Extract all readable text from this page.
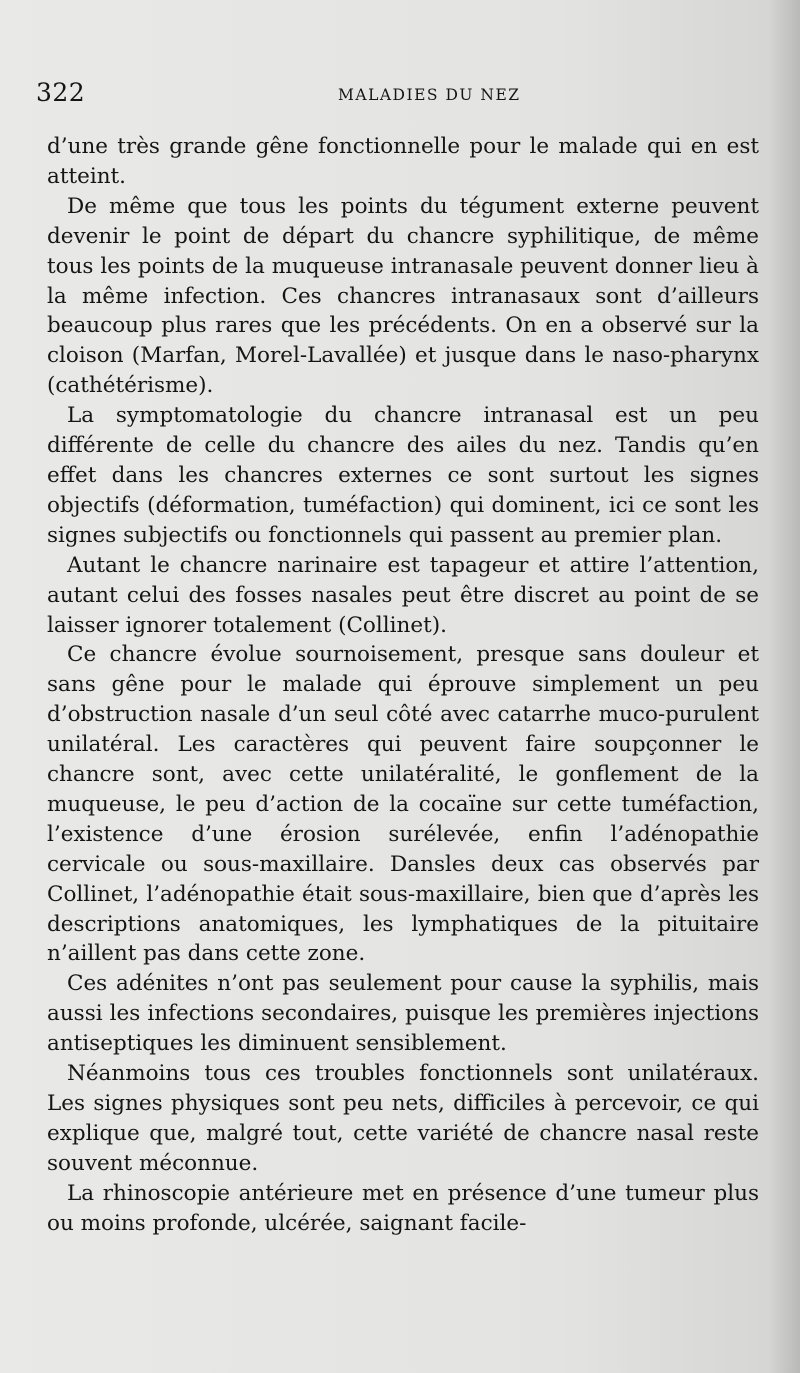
322	MALADIES DU NEZ

d’une très grande gêne fonctionnelle pour le malade qui en est atteint.

De même que tous les points du tégument externe peuvent devenir le point de départ du chancre syphilitique, de même tous les points de la muqueuse intranasale peuvent donner lieu à la même infection. Ces chancres intranasaux sont d’ailleurs beaucoup plus rares que les précédents. On en a observé sur la cloison (Marfan, Morel-Lavallée) et jusque dans le naso-pharynx (cathétérisme).

La symptomatologie du chancre intranasal est un peu différente de celle du chancre des ailes du nez. Tandis qu’en effet dans les chancres externes ce sont surtout les signes objectifs (déformation, tuméfaction) qui dominent, ici ce sont les signes subjectifs ou fonctionnels qui passent au premier plan.

Autant le chancre narinaire est tapageur et attire l’attention, autant celui des fosses nasales peut être discret au point de se laisser ignorer totalement (Collinet).

Ce chancre évolue sournoisement, presque sans douleur et sans gêne pour le malade qui éprouve simplement un peu d’obstruction nasale d’un seul côté avec catarrhe muco-purulent unilatéral. Les caractères qui peuvent faire soupçonner le chancre sont, avec cette unilatéralité, le gonflement de la muqueuse, le peu d’action de la cocaïne sur cette tuméfaction, l’existence d’une érosion surélevée, enfin l’adénopathie cervicale ou sous-maxillaire. Dansles deux cas observés par Collinet, l’adénopathie était sous-maxillaire, bien que d’après les descriptions anatomiques, les lymphatiques de la pituitaire n’aillent pas dans cette zone.

Ces adénites n’ont pas seulement pour cause la syphilis, mais aussi les infections secondaires, puisque les premières injections antiseptiques les diminuent sensiblement.

Néanmoins tous ces troubles fonctionnels sont unilatéraux. Les signes physiques sont peu nets, difficiles à percevoir, ce qui explique que, malgré tout, cette variété de chancre nasal reste souvent méconnue.

La rhinoscopie antérieure met en présence d’une tumeur plus ou moins profonde, ulcérée, saignant facile-
